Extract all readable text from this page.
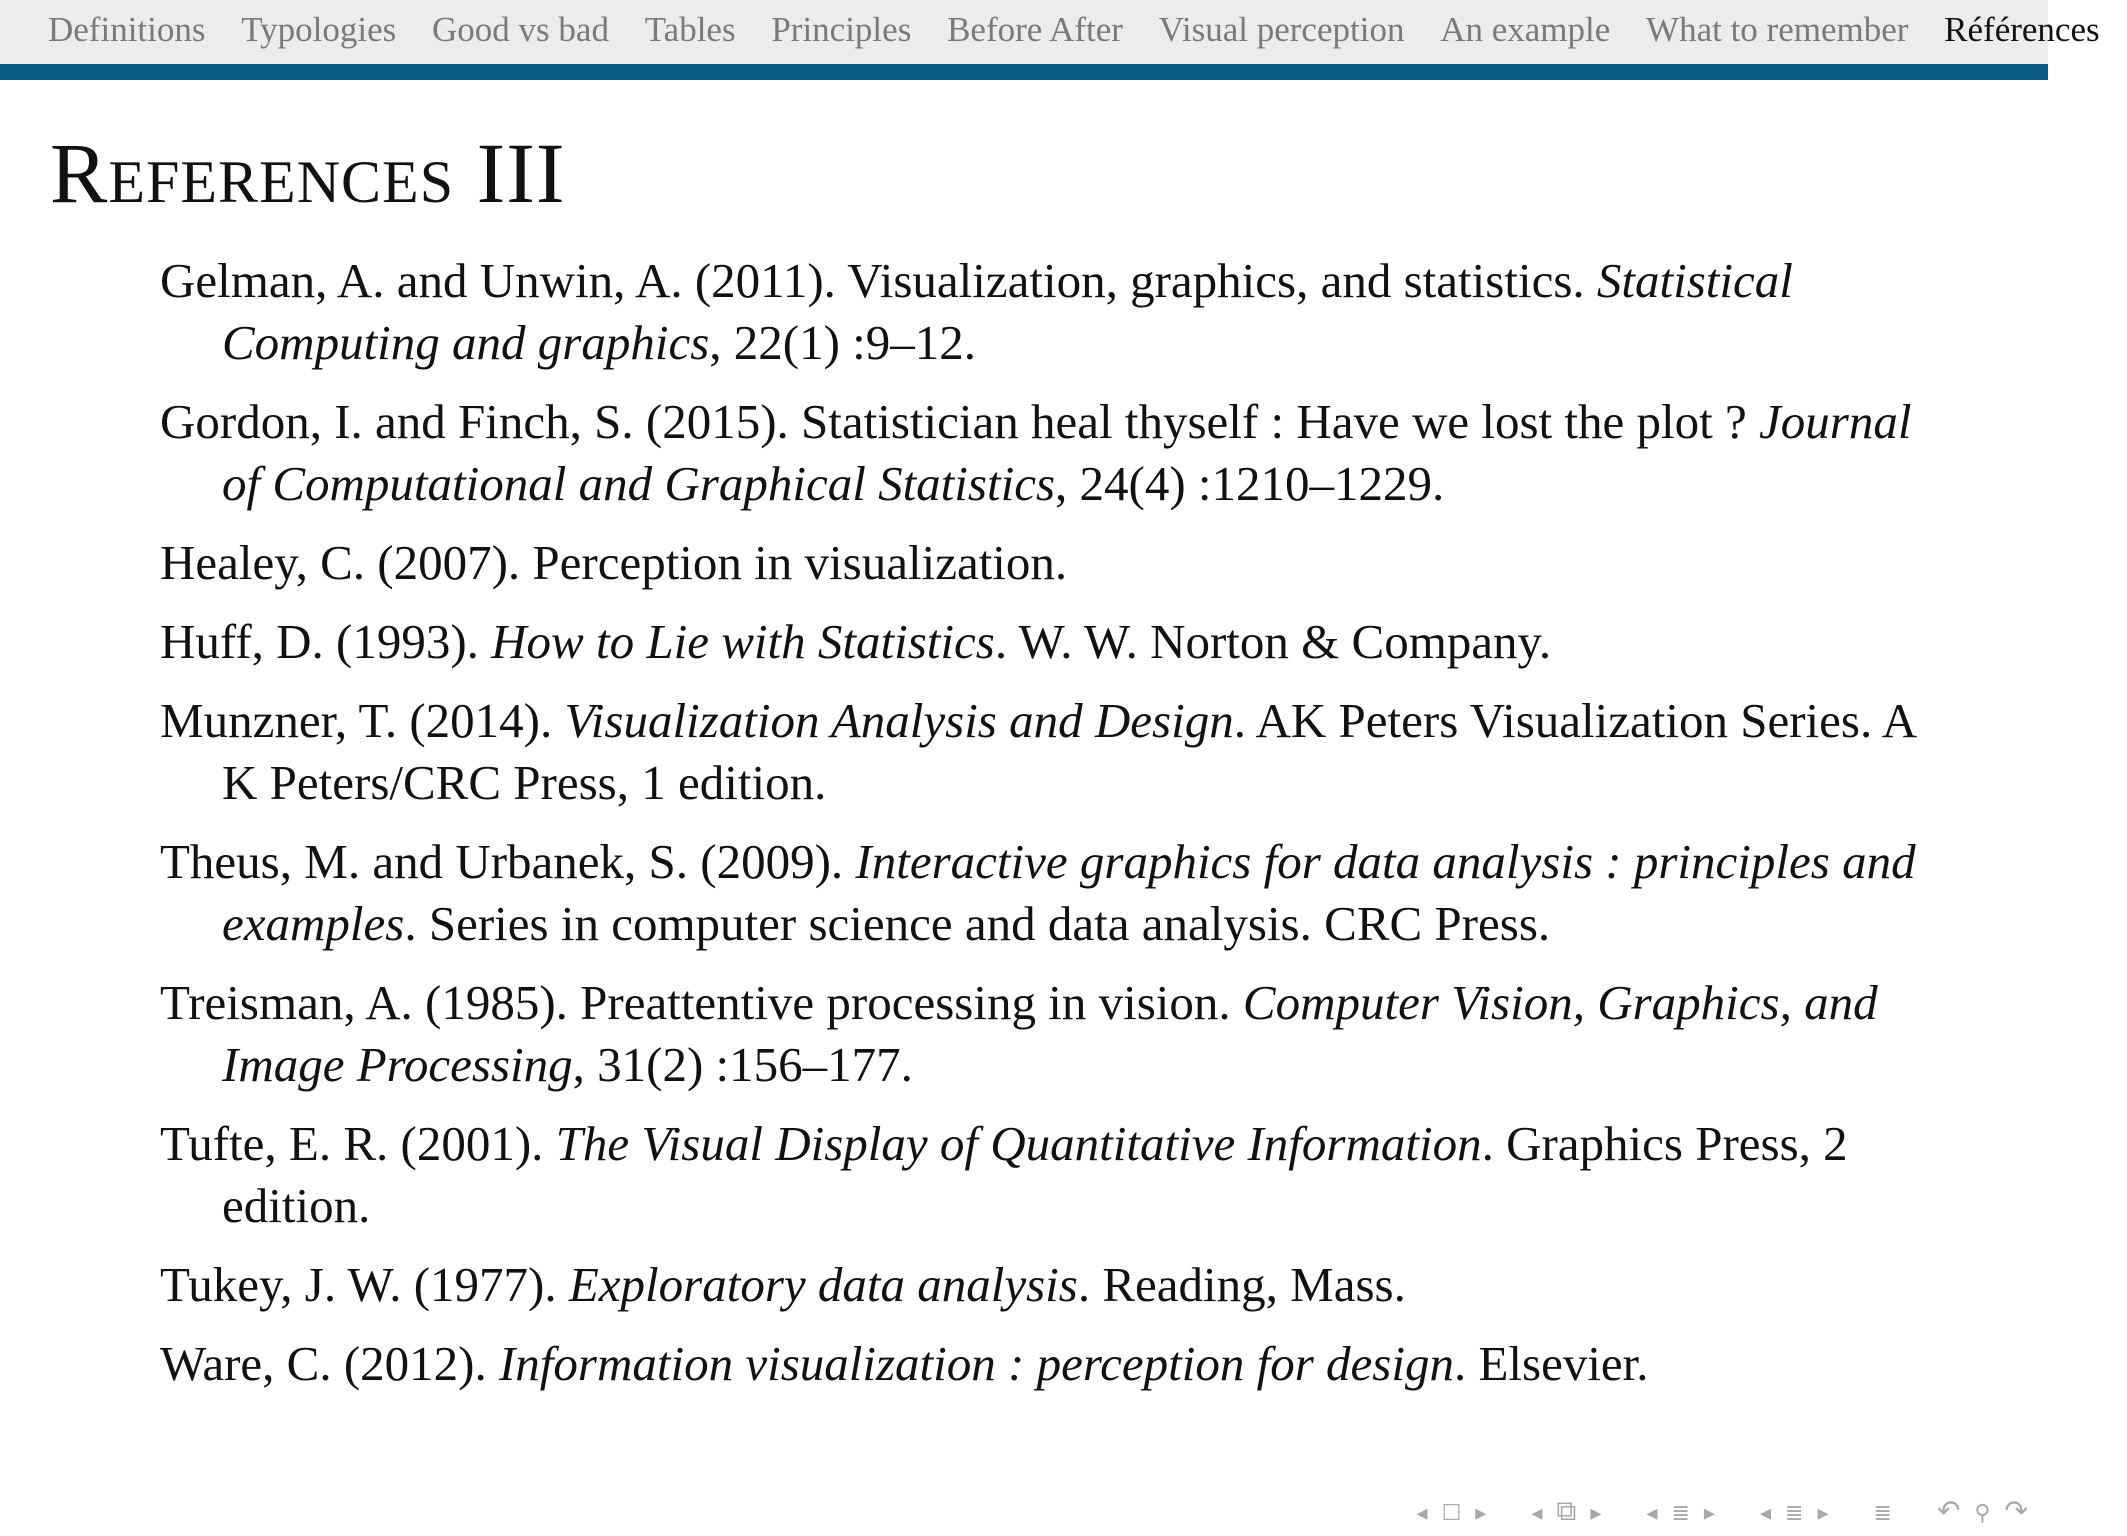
Definitions Typologies Good vs bad Tables Principles Before After Visual perception An example What to remember Références
References III
Gelman, A. and Unwin, A. (2011). Visualization, graphics, and statistics. Statistical Computing and graphics, 22(1) :9–12.
Gordon, I. and Finch, S. (2015). Statistician heal thyself : Have we lost the plot ? Journal of Computational and Graphical Statistics, 24(4) :1210–1229.
Healey, C. (2007). Perception in visualization.
Huff, D. (1993). How to Lie with Statistics. W. W. Norton & Company.
Munzner, T. (2014). Visualization Analysis and Design. AK Peters Visualization Series. A K Peters/CRC Press, 1 edition.
Theus, M. and Urbanek, S. (2009). Interactive graphics for data analysis : principles and examples. Series in computer science and data analysis. CRC Press.
Treisman, A. (1985). Preattentive processing in vision. Computer Vision, Graphics, and Image Processing, 31(2) :156–177.
Tufte, E. R. (2001). The Visual Display of Quantitative Information. Graphics Press, 2 edition.
Tukey, J. W. (1977). Exploratory data analysis. Reading, Mass.
Ware, C. (2012). Information visualization : perception for design. Elsevier.
◂ ☐ ▸ ◂ ⧉ ▸ ◂ ≣ ▸ ◂ ≣ ▸ ≣ ↶ ⚲ ↷
